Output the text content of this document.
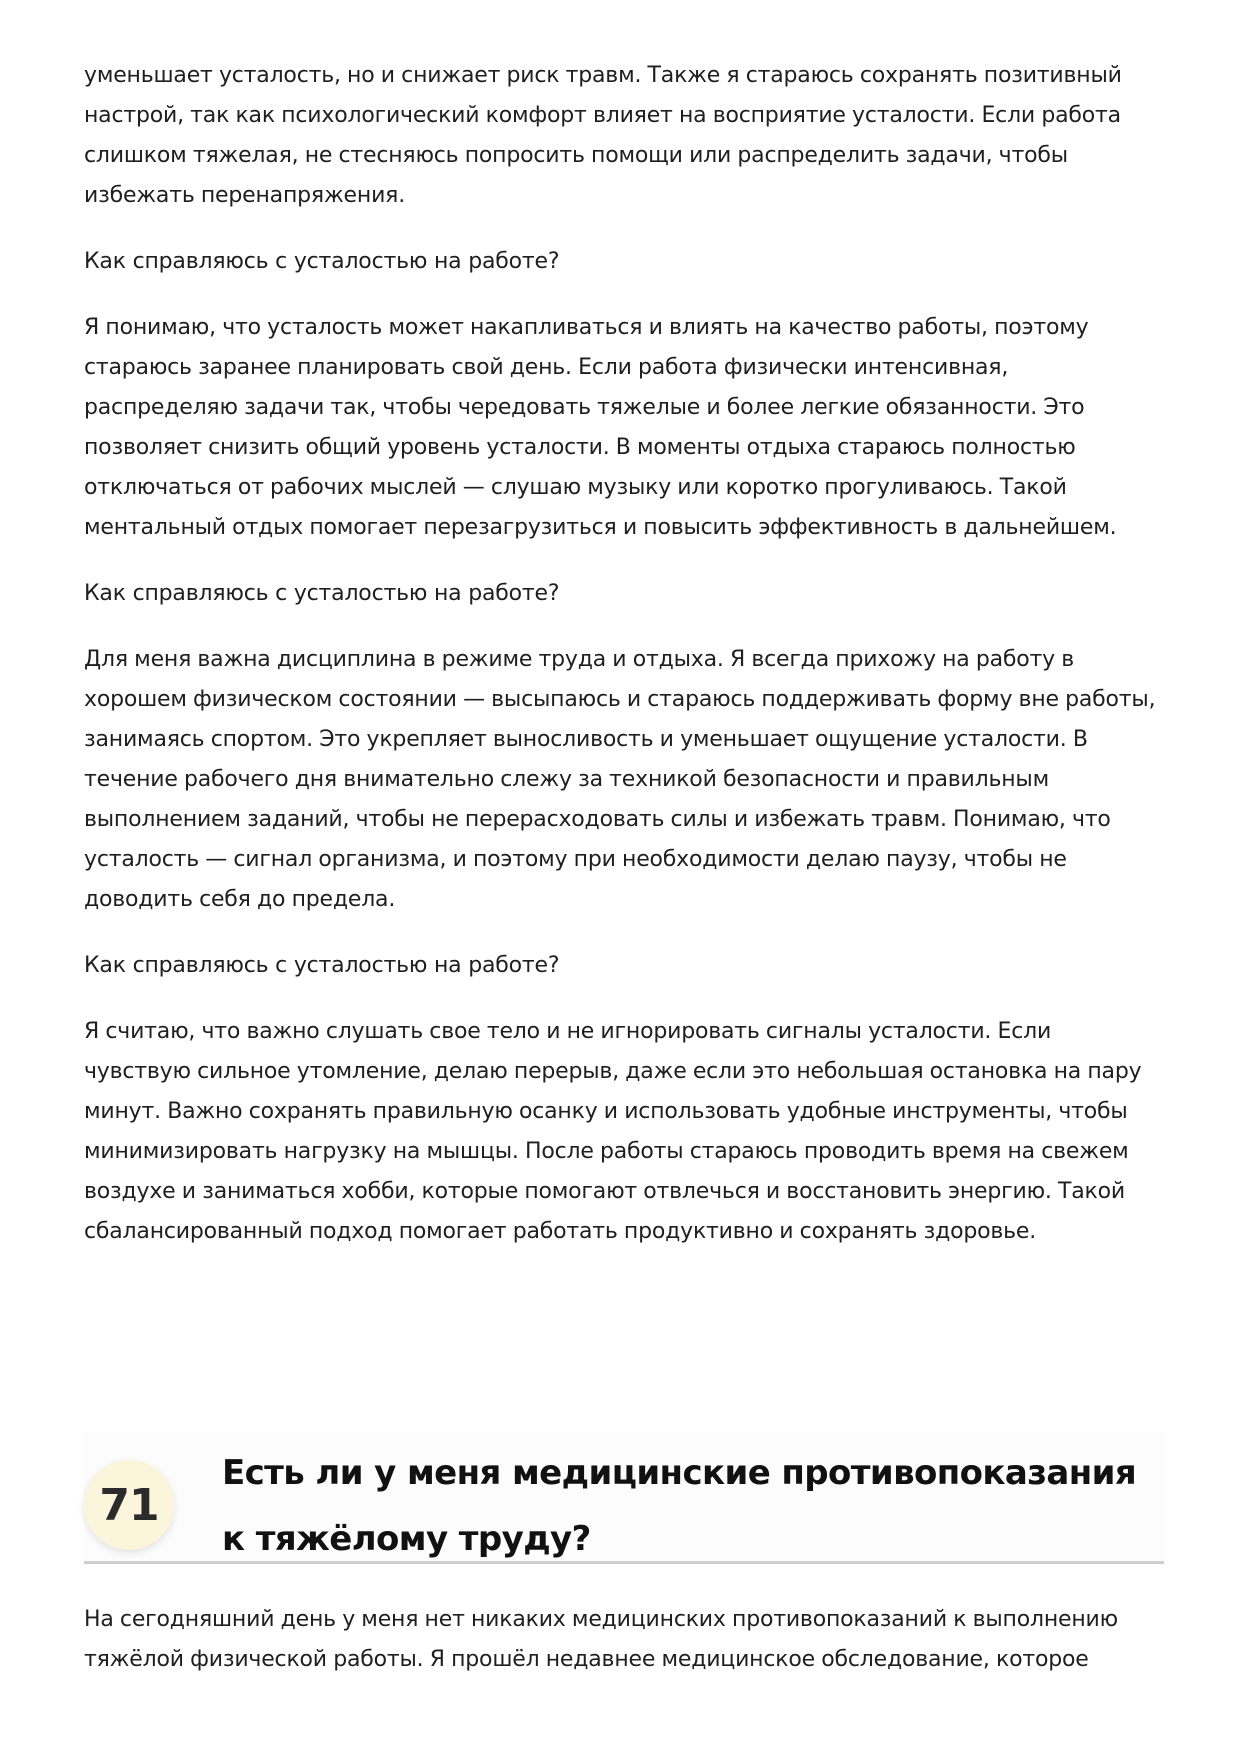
уменьшает усталость, но и снижает риск травм. Также я стараюсь сохранять позитивный настрой, так как психологический комфорт влияет на восприятие усталости. Если работа слишком тяжелая, не стесняюсь попросить помощи или распределить задачи, чтобы избежать перенапряжения.

Как справляюсь с усталостью на работе?

Я понимаю, что усталость может накапливаться и влиять на качество работы, поэтому стараюсь заранее планировать свой день. Если работа физически интенсивная, распределяю задачи так, чтобы чередовать тяжелые и более легкие обязанности. Это позволяет снизить общий уровень усталости. В моменты отдыха стараюсь полностью отключаться от рабочих мыслей — слушаю музыку или коротко прогуливаюсь. Такой ментальный отдых помогает перезагрузиться и повысить эффективность в дальнейшем.

Как справляюсь с усталостью на работе?

Для меня важна дисциплина в режиме труда и отдыха. Я всегда прихожу на работу в хорошем физическом состоянии — высыпаюсь и стараюсь поддерживать форму вне работы, занимаясь спортом. Это укрепляет выносливость и уменьшает ощущение усталости. В течение рабочего дня внимательно слежу за техникой безопасности и правильным выполнением заданий, чтобы не перерасходовать силы и избежать травм. Понимаю, что усталость — сигнал организма, и поэтому при необходимости делаю паузу, чтобы не доводить себя до предела.

Как справляюсь с усталостью на работе?

Я считаю, что важно слушать свое тело и не игнорировать сигналы усталости. Если чувствую сильное утомление, делаю перерыв, даже если это небольшая остановка на пару минут. Важно сохранять правильную осанку и использовать удобные инструменты, чтобы минимизировать нагрузку на мышцы. После работы стараюсь проводить время на свежем воздухе и заниматься хобби, которые помогают отвлечься и восстановить энергию. Такой сбалансированный подход помогает работать продуктивно и сохранять здоровье.

71
Есть ли у меня медицинские противопоказания к тяжёлому труду?

На сегодняшний день у меня нет никаких медицинских противопоказаний к выполнению тяжёлой физической работы. Я прошёл недавнее медицинское обследование, которое
